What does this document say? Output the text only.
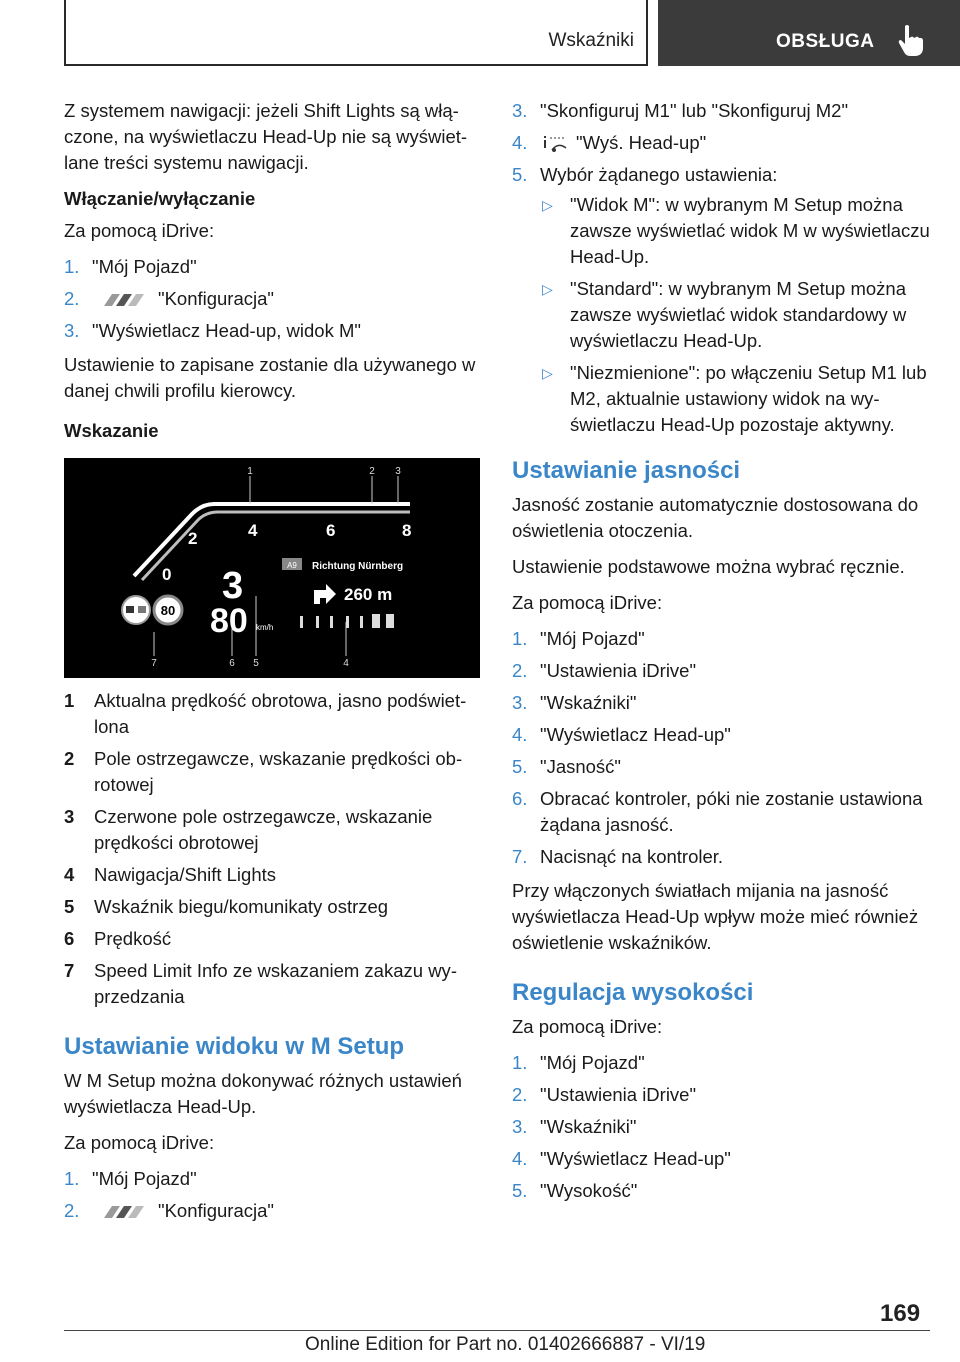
Wskaźniki	OBSŁUGA

Z systemem nawigacji: jeżeli Shift Lights są włączone, na wyświetlaczu Head-Up nie są wyświetlane treści systemu nawigacji.

Włączanie/wyłączanie

Za pomocą iDrive:

1. "Mój Pojazd"
2.	"Konfiguracja"
3. "Wyświetlacz Head-up, widok M"

Ustawienie to zapisane zostanie dla używanego w danej chwili profilu kierowcy.

Wskazanie
1	2 3
4
5
6
7
0
2	4	6	8
3
80 km/h
80
A9 Richtung Nürnberg
260 m
1 Aktualna prędkość obrotowa, jasno podświetlona
2 Pole ostrzegawcze, wskazanie prędkości obrotowej
3 Czerwone pole ostrzegawcze, wskazanie prędkości obrotowej
4 Nawigacja/Shift Lights
5 Wskaźnik biegu/komunikaty ostrzeg
6 Prędkość
7 Speed Limit Info ze wskazaniem zakazu wyprzedzania
Ustawianie widoku w M Setup

W M Setup można dokonywać różnych ustawień wyświetlacza Head-Up.

Za pomocą iDrive:

1. "Mój Pojazd"
2.	"Konfiguracja"
3. "Skonfiguruj M1" lub "Skonfiguruj M2"
4.	"Wyś. Head-up"
5. Wybór żądanego ustawienia:
▷ "Widok M": w wybranym M Setup można zawsze wyświetlać widok M w wyświetlaczu Head-Up.
▷ "Standard": w wybranym M Setup można zawsze wyświetlać widok standardowy w wyświetlaczu Head-Up.
▷ "Niezmienione": po włączeniu Setup M1 lub M2, aktualnie ustawiony widok na wyświetlaczu Head-Up pozostaje aktywny.
Ustawianie jasności

Jasność zostanie automatycznie dostosowana do oświetlenia otoczenia.

Ustawienie podstawowe można wybrać ręcznie.

Za pomocą iDrive:

1. "Mój Pojazd"
2. "Ustawienia iDrive"
3. "Wskaźniki"
4. "Wyświetlacz Head-up"
5. "Jasność"
6. Obracać kontroler, póki nie zostanie ustawiona żądana jasność.
7. Nacisnąć na kontroler.

Przy włączonych światłach mijania na jasność wyświetlacza Head-Up wpływ może mieć również oświetlenie wskaźników.

Regulacja wysokości

Za pomocą iDrive:

1. "Mój Pojazd"
2. "Ustawienia iDrive"
3. "Wskaźniki"
4. "Wyświetlacz Head-up"
5. "Wysokość"
169
Online Edition for Part no. 01402666887 - VI/19
